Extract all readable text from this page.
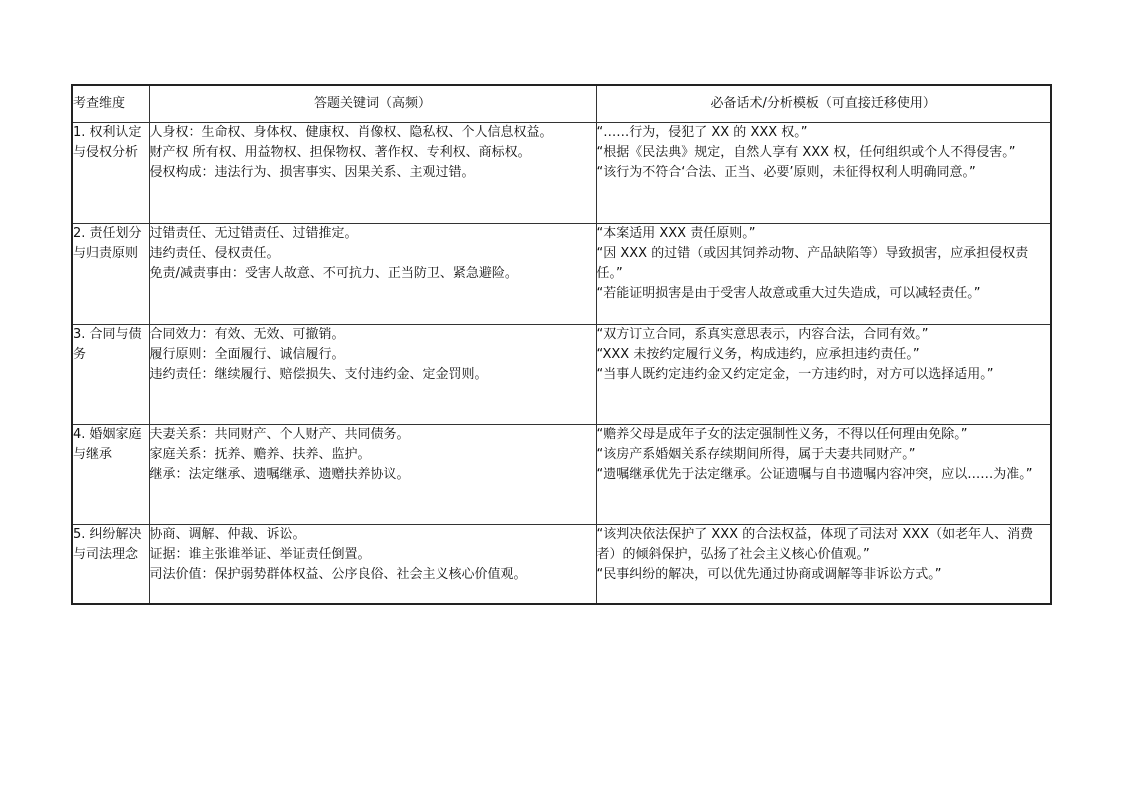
考查维度	答题关键词（高频）	必备话术/分析模板（可直接迁移使用）
1. 权利认定与侵权分析	人身权：生命权、身体权、健康权、肖像权、隐私权、个人信息权益。
财产权 所有权、用益物权、担保物权、著作权、专利权、商标权。
侵权构成：违法行为、损害事实、因果关系、主观过错。	“……行为，侵犯了 XX 的 XXX 权。”
“根据《民法典》规定，自然人享有 XXX 权，任何组织或个人不得侵害。”
“该行为不符合‘合法、正当、必要’原则，未征得权利人明确同意。”

2. 责任划分与归责原则	过错责任、无过错责任、过错推定。
违约责任、侵权责任。
免责/减责事由：受害人故意、不可抗力、正当防卫、紧急避险。	“本案适用 XXX 责任原则。”
“因 XXX 的过错（或因其饲养动物、产品缺陷等）导致损害，应承担侵权责任。”
“若能证明损害是由于受害人故意或重大过失造成，可以减轻责任。”

3. 合同与债务	合同效力：有效、无效、可撤销。
履行原则：全面履行、诚信履行。
违约责任：继续履行、赔偿损失、支付违约金、定金罚则。	“双方订立合同，系真实意思表示，内容合法，合同有效。”
“XXX 未按约定履行义务，构成违约，应承担违约责任。”
“当事人既约定违约金又约定定金，一方违约时，对方可以选择适用。”

4. 婚姻家庭与继承	夫妻关系：共同财产、个人财产、共同债务。
家庭关系：抚养、赡养、扶养、监护。
继承：法定继承、遗嘱继承、遗赠扶养协议。	“赡养父母是成年子女的法定强制性义务，不得以任何理由免除。”
“该房产系婚姻关系存续期间所得，属于夫妻共同财产。”
“遗嘱继承优先于法定继承。公证遗嘱与自书遗嘱内容冲突，应以……为准。”

5. 纠纷解决与司法理念	协商、调解、仲裁、诉讼。
证据：谁主张谁举证、举证责任倒置。
司法价值：保护弱势群体权益、公序良俗、社会主义核心价值观。	“该判决依法保护了 XXX 的合法权益，体现了司法对 XXX（如老年人、消费者）的倾斜保护，弘扬了社会主义核心价值观。”
“民事纠纷的解决，可以优先通过协商或调解等非诉讼方式。”
